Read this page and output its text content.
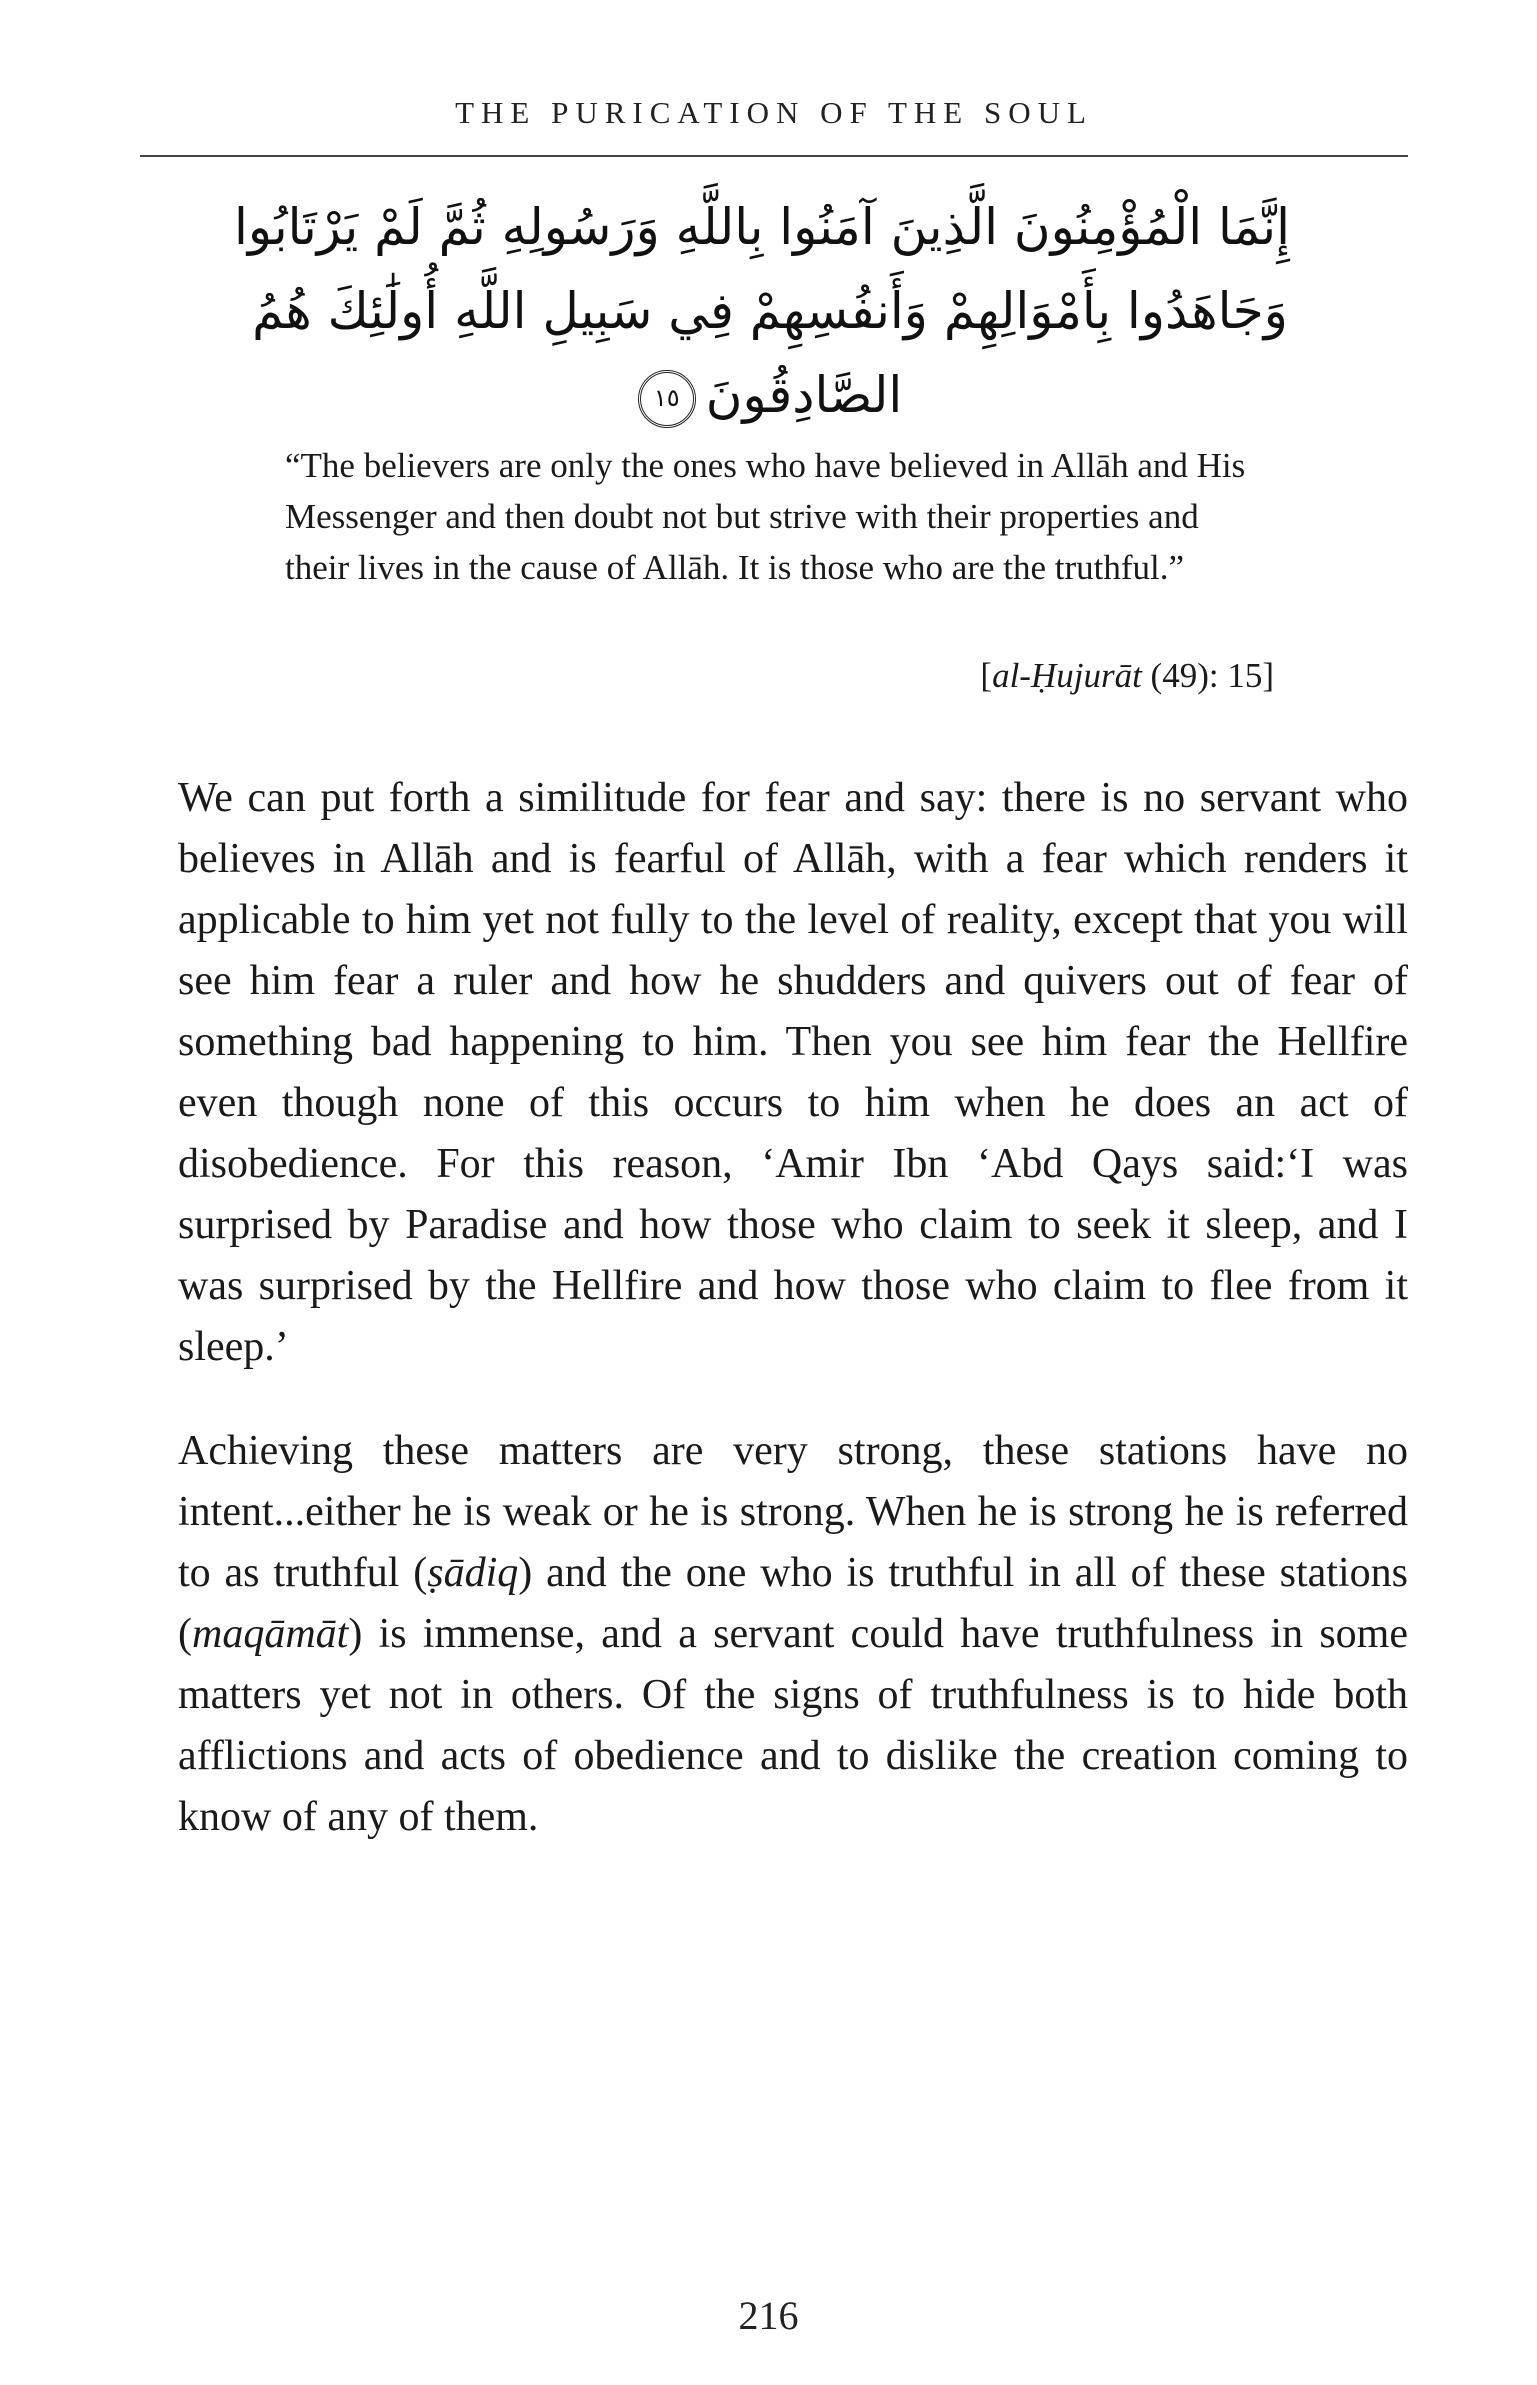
THE PURICATION OF THE SOUL
إِنَّمَا الْمُؤْمِنُونَ الَّذِينَ آمَنُوا بِاللَّهِ وَرَسُولِهِ ثُمَّ لَمْ يَرْتَابُوا
وَجَاهَدُوا بِأَمْوَالِهِمْ وَأَنفُسِهِمْ فِي سَبِيلِ اللَّهِ أُولَٰئِكَ هُمُ
الصَّادِقُونَ١٥
“The believers are only the ones who have believed in Allāh and His Messenger and then doubt not but strive with their properties and their lives in the cause of Allāh. It is those who are the truthful.”
[al-Ḥujurāt (49): 15]
We can put forth a similitude for fear and say: there is no servant who believes in Allāh and is fearful of Allāh, with a fear which renders it applicable to him yet not fully to the level of reality, except that you will see him fear a ruler and how he shudders and quivers out of fear of something bad happening to him. Then you see him fear the Hellfire even though none of this occurs to him when he does an act of disobedience. For this reason, ‘Amir Ibn ‘Abd Qays said:‘I was surprised by Paradise and how those who claim to seek it sleep, and I was surprised by the Hellfire and how those who claim to flee from it sleep.’
Achieving these matters are very strong, these stations have no intent...either he is weak or he is strong. When he is strong he is referred to as truthful (ṣādiq) and the one who is truthful in all of these stations (maqāmāt) is immense, and a servant could have truthfulness in some matters yet not in others. Of the signs of truthfulness is to hide both afflictions and acts of obedience and to dislike the creation coming to know of any of them.
216
